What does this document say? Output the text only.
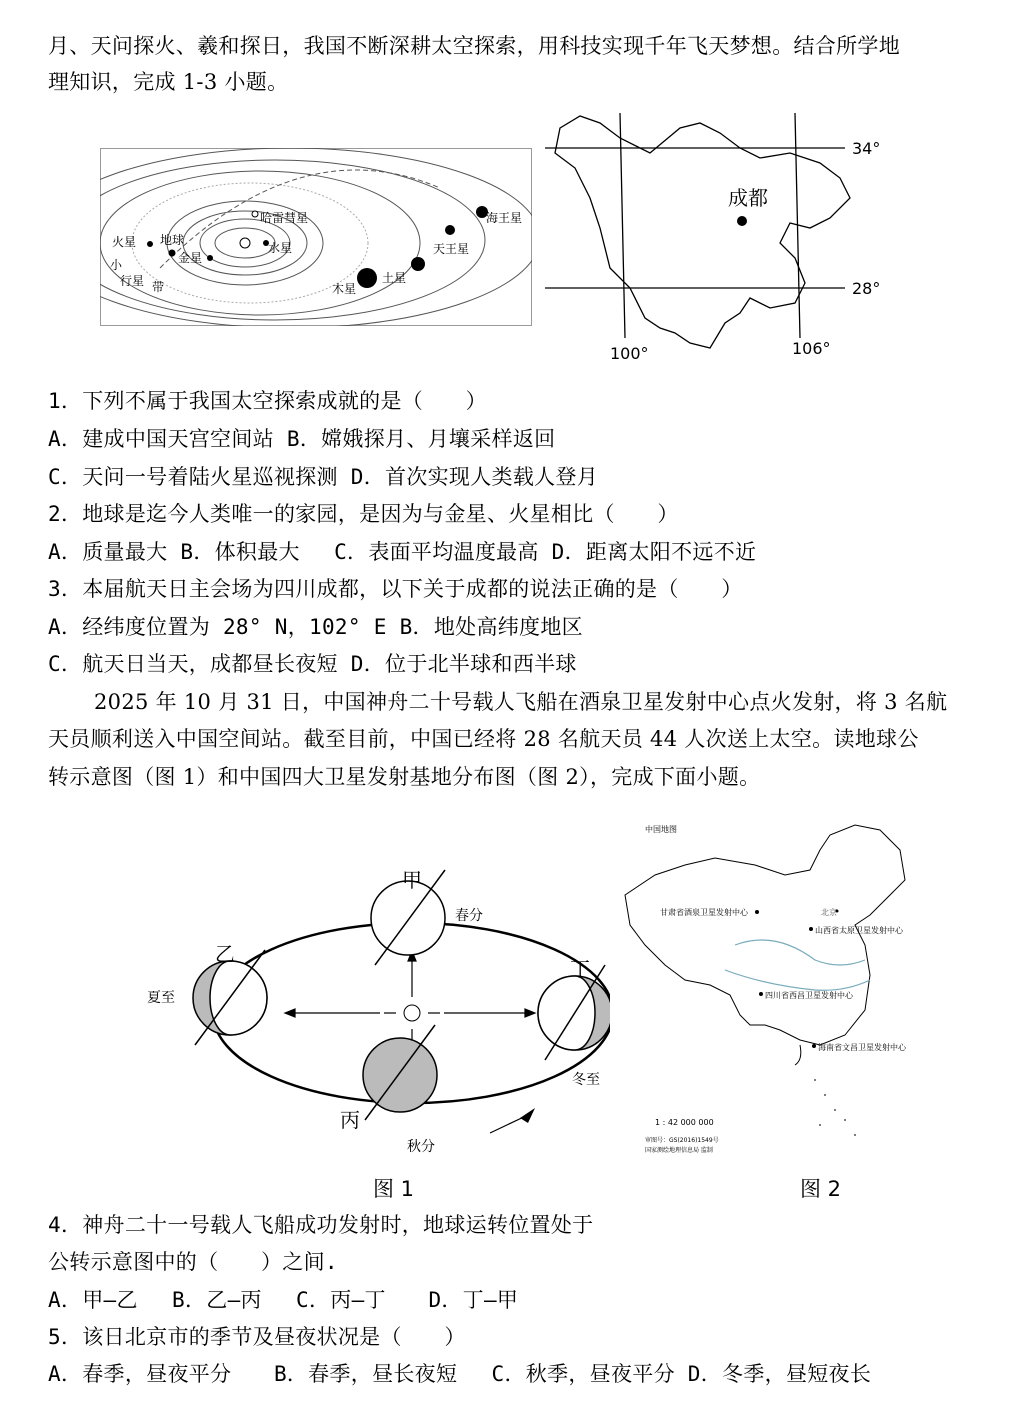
月、天问探火、羲和探日，我国不断深耕太空探索，用科技实现千年飞天梦想。结合所学地
理知识，完成 1-3 小题。
哈雷彗星
火星 地球
金星
水星
小
行星 带	木星
土星
天王星
海王星
成都
34°
28°
100°	106°
1．下列不属于我国太空探索成就的是（　　）
A．建成中国天宫空间站 B．嫦娥探月、月壤采样返回
C．天问一号着陆火星巡视探测 D．首次实现人类载人登月
2．地球是迄今人类唯一的家园，是因为与金星、火星相比（　　）
A．质量最大 B．体积最大　 C．表面平均温度最高 D．距离太阳不远不近
3．本届航天日主会场为四川成都，以下关于成都的说法正确的是（　　）
A．经纬度位置为 28° N，102° E B．地处高纬度地区
C．航天日当天，成都昼长夜短 D．位于北半球和西半球
2025 年 10 月 31 日，中国神舟二十号载人飞船在酒泉卫星发射中心点火发射，将 3 名航
天员顺利送入中国空间站。截至目前，中国已经将 28 名航天员 44 人次送上太空。读地球公
转示意图（图 1）和中国四大卫星发射基地分布图（图 2），完成下面小题。
甲
乙
丙
丁
春分
夏至
秋分
冬至
中国地图
甘肃省酒泉卫星发射中心	北京
山西省太原卫星发射中心
四川省西昌卫星发射中心
海南省文昌卫星发射中心
1 : 42 000 000
审图号：GS(2016)1549号
国家测绘地理信息局 监制
图 1	图 2
4．神舟二十一号载人飞船成功发射时，地球运转位置处于
公转示意图中的（　　）之间.
A．甲—乙　 B．乙—丙　 C．丙—丁　　D．丁—甲
5．该日北京市的季节及昼夜状况是（　　）
A．春季，昼夜平分　　B．春季，昼长夜短　 C．秋季，昼夜平分 D．冬季，昼短夜长
